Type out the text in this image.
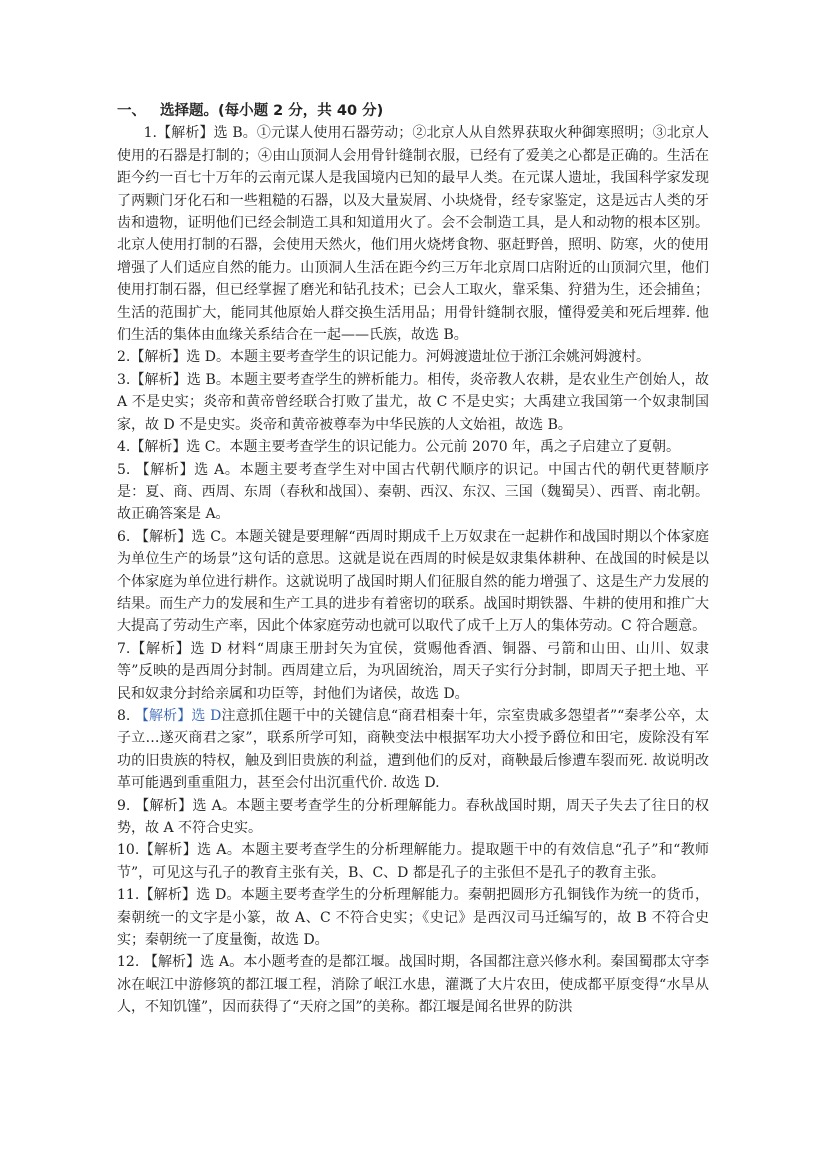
一、 选择题。(每小题 2 分，共 40 分)

1.【解析】选 B。①元谋人使用石器劳动；②北京人从自然界获取火种御寒照明；③北京人使用的石器是打制的；④由山顶洞人会用骨针缝制衣服，已经有了爱美之心都是正确的。生活在距今约一百七十万年的云南元谋人是我国境内已知的最早人类。在元谋人遗址，我国科学家发现了两颗门牙化石和一些粗糙的石器，以及大量炭屑、小块烧骨，经专家鉴定，这是远古人类的牙齿和遗物，证明他们已经会制造工具和知道用火了。会不会制造工具，是人和动物的根本区别。北京人使用打制的石器，会使用天然火，他们用火烧烤食物、驱赶野兽，照明、防寒，火的使用增强了人们适应自然的能力。山顶洞人生活在距今约三万年北京周口店附近的山顶洞穴里，他们使用打制石器，但已经掌握了磨光和钻孔技术；已会人工取火，靠采集、狩猎为生，还会捕鱼；生活的范围扩大，能同其他原始人群交换生活用品；用骨针缝制衣服，懂得爱美和死后埋葬. 他们生活的集体由血缘关系结合在一起——氏族，故选 B。

2.【解析】选 D。本题主要考查学生的识记能力。河姆渡遗址位于浙江余姚河姆渡村。

3.【解析】选 B。本题主要考查学生的辨析能力。相传，炎帝教人农耕，是农业生产创始人，故 A 不是史实；炎帝和黄帝曾经联合打败了蚩尤，故 C 不是史实；大禹建立我国第一个奴隶制国家，故 D 不是史实。炎帝和黄帝被尊奉为中华民族的人文始祖，故选 B。

4.【解析】选 C。本题主要考查学生的识记能力。公元前 2070 年，禹之子启建立了夏朝。

5. 【解析】选 A。本题主要考查学生对中国古代朝代顺序的识记。中国古代的朝代更替顺序是：夏、商、西周、东周（春秋和战国）、秦朝、西汉、东汉、三国（魏蜀吴）、西晋、南北朝。故正确答案是 A。

6. 【解析】选 C。本题关键是要理解“西周时期成千上万奴隶在一起耕作和战国时期以个体家庭为单位生产的场景”这句话的意思。这就是说在西周的时候是奴隶集体耕种、在战国的时候是以个体家庭为单位进行耕作。这就说明了战国时期人们征服自然的能力增强了、这是生产力发展的结果。而生产力的发展和生产工具的进步有着密切的联系。战国时期铁器、牛耕的使用和推广大大提高了劳动生产率，因此个体家庭劳动也就可以取代了成千上万人的集体劳动。C 符合题意。

7.【解析】选 D 材料“周康王册封矢为宜侯，赏赐他香酒、铜器、弓箭和山田、山川、奴隶等”反映的是西周分封制。西周建立后，为巩固统治，周天子实行分封制，即周天子把土地、平民和奴隶分封给亲属和功臣等，封他们为诸侯，故选 D。

8. 【解析】选 D注意抓住题干中的关键信息“商君相秦十年，宗室贵戚多怨望者”“秦孝公卒，太子立…遂灭商君之家”，联系所学可知，商鞅变法中根据军功大小授予爵位和田宅，废除没有军功的旧贵族的特权，触及到旧贵族的利益，遭到他们的反对，商鞅最后惨遭车裂而死. 故说明改革可能遇到重重阻力，甚至会付出沉重代价. 故选 D.

9. 【解析】选 A。本题主要考查学生的分析理解能力。春秋战国时期，周天子失去了往日的权势，故 A 不符合史实。

10.【解析】选 A。本题主要考查学生的分析理解能力。提取题干中的有效信息“孔子”和“教师节”，可见这与孔子的教育主张有关，B、C、D 都是孔子的主张但不是孔子的教育主张。

11.【解析】选 D。本题主要考查学生的分析理解能力。秦朝把圆形方孔铜钱作为统一的货币，秦朝统一的文字是小篆，故 A、C 不符合史实；《史记》是西汉司马迁编写的，故 B 不符合史实；秦朝统一了度量衡，故选 D。

12. 【解析】选 A。本小题考查的是都江堰。战国时期，各国都注意兴修水利。秦国蜀郡太守李冰在岷江中游修筑的都江堰工程，消除了岷江水患，灌溉了大片农田，使成都平原变得“水旱从人，不知饥馑”，因而获得了“天府之国”的美称。都江堰是闻名世界的防洪
